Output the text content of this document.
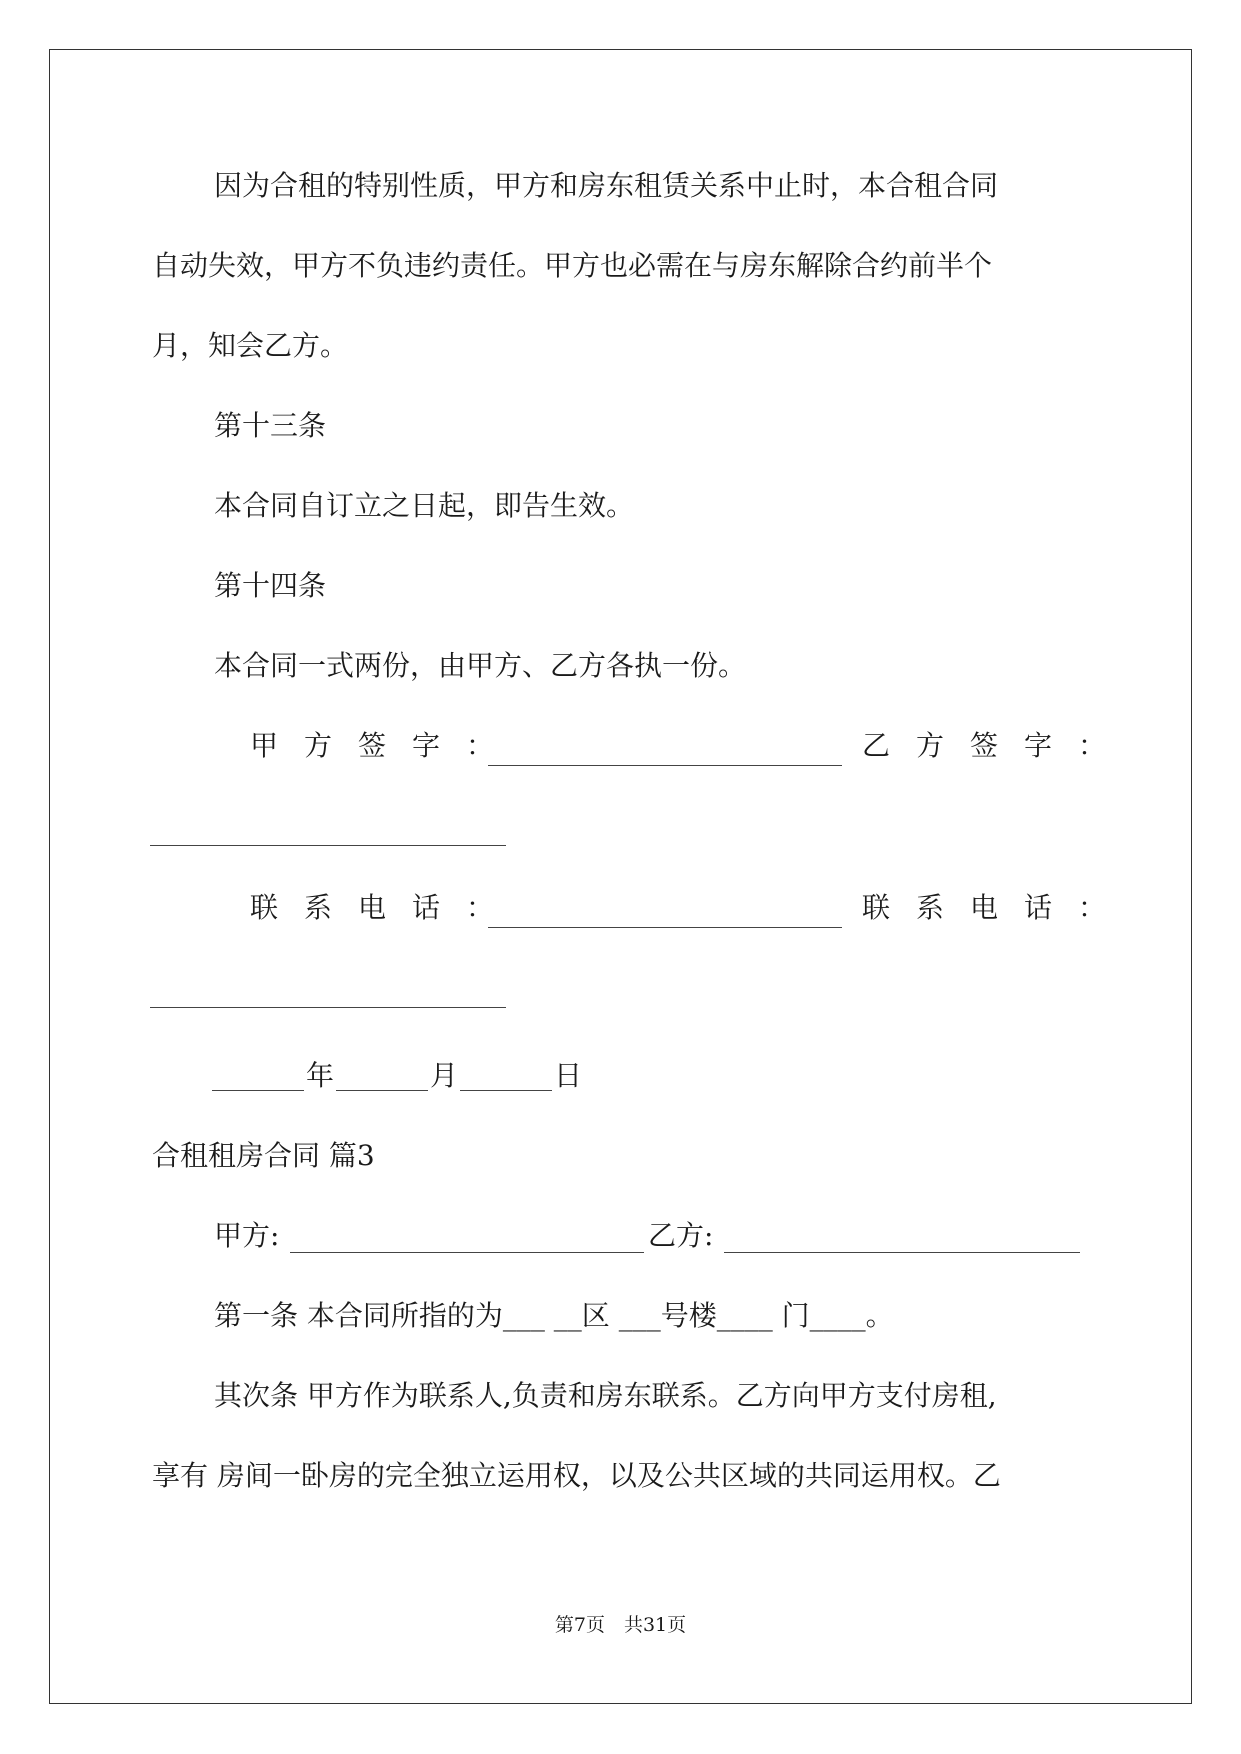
因为合租的特别性质，甲方和房东租赁关系中止时，本合租合同
自动失效，甲方不负违约责任。甲方也必需在与房东解除合约前半个
月，知会乙方。
第十三条
本合同自订立之日起，即告生效。
第十四条
本合同一式两份，由甲方、乙方各执一份。
甲方签字：	乙方签字：
联系电话：	联系电话：
年	月	日
合租租房合同 篇3
甲方:	乙方:
第一条 本合同所指的为___ __区 ___号楼____ 门____。
其次条 甲方作为联系人,负责和房东联系。乙方向甲方支付房租,
享有 房间一卧房的完全独立运用权，以及公共区域的共同运用权。乙
第7页　共31页
